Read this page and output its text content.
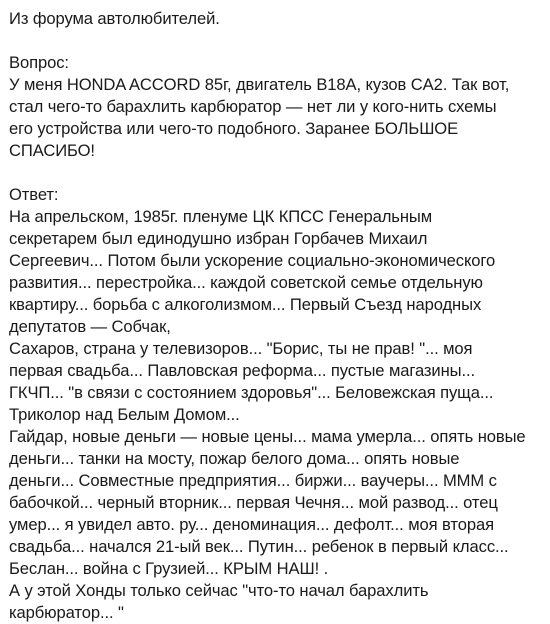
Из форума автолюбителей.
Вопрос:
У меня HONDA ACCORD 85г, двигатель B18A, кузов CA2. Так вот,
стал чего-то барахлить карбюратор — нет ли у кого-нить схемы
его устройства или чего-то подобного. Заранее БОЛЬШОЕ
СПАСИБО!
Ответ:
На апрельском, 1985г. пленуме ЦК КПСС Генеральным
секретарем был единодушно избран Горбачев Михаил
Сергеевич... Потом были ускорение социально-экономического
развития... перестройка... каждой советской семье отдельную
квартиру... борьба с алкоголизмом... Первый Съезд народных
депутатов — Собчак,
Сахаров, страна у телевизоров... "Борис, ты не прав! "... моя
первая свадьба... Павловская реформа... пустые магазины...
ГКЧП... "в связи с состоянием здоровья"... Беловежская пуща...
Триколор над Белым Домом...
Гайдар, новые деньги — новые цены... мама умерла... опять новые
деньги... танки на мосту, пожар белого дома... опять новые
деньги... Совместные предприятия... биржи... ваучеры... МММ с
бабочкой... черный вторник... первая Чечня... мой развод... отец
умер... я увидел авто. ру... деноминация... дефолт... моя вторая
свадьба... начался 21-ый век... Путин... ребенок в первый класс...
Беслан... война с Грузией... КРЫМ НАШ! .
А у этой Хонды только сейчас "что-то начал барахлить
карбюратор... "
